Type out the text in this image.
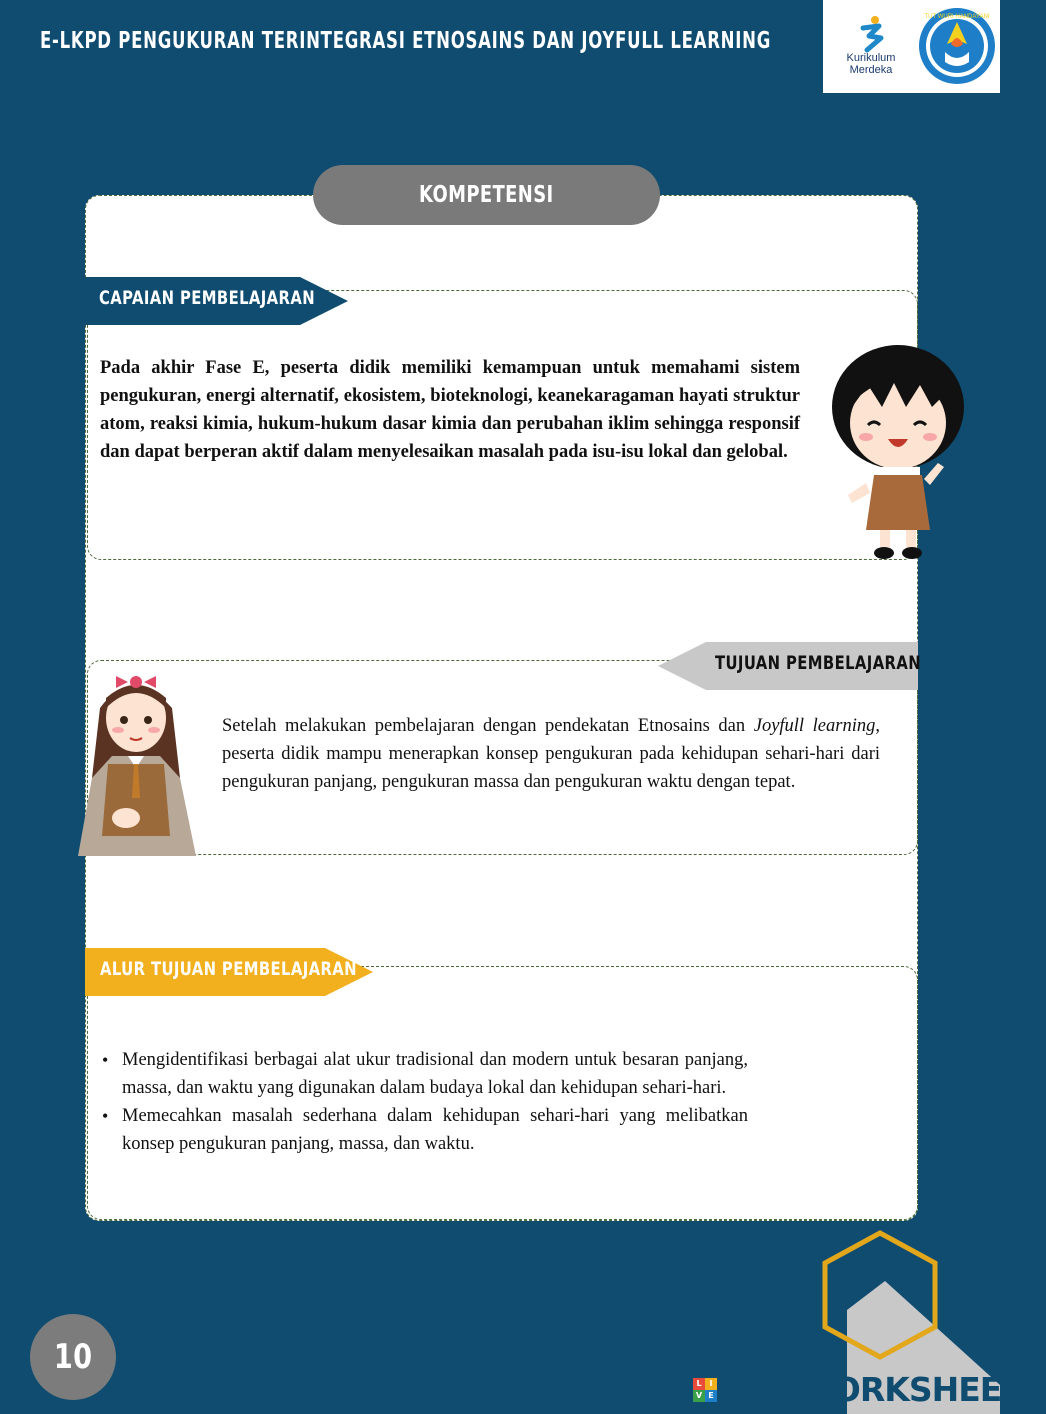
E-LKPD PENGUKURAN TERINTEGRASI ETNOSAINS DAN JOYFULL LEARNING
Kurikulum
Merdeka
TUT WURI HANDAYANI
KOMPETENSI
CAPAIAN PEMBELAJARAN
Pada akhir Fase E, peserta didik memiliki kemampuan untuk memahami sistem pengukuran, energi alternatif, ekosistem, bioteknologi, keanekaragaman hayati struktur atom, reaksi kimia, hukum-hukum dasar kimia dan perubahan iklim sehingga responsif dan dapat berperan aktif dalam menyelesaikan masalah pada isu-isu lokal dan gelobal.
TUJUAN PEMBELAJARAN
Setelah melakukan pembelajaran dengan pendekatan Etnosains dan Joyfull learning, peserta didik mampu menerapkan konsep pengukuran pada kehidupan sehari-hari dari pengukuran panjang, pengukuran massa dan pengukuran waktu dengan tepat.
ALUR TUJUAN PEMBELAJARAN
• Mengidentifikasi berbagai alat ukur tradisional dan modern untuk besaran panjang, massa, dan waktu yang digunakan dalam budaya lokal dan kehidupan sehari-hari.
• Memecahkan masalah sederhana dalam kehidupan sehari-hari yang melibatkan konsep pengukuran panjang, massa, dan waktu.
10
L I
V E LIVEWORKSHEETS
